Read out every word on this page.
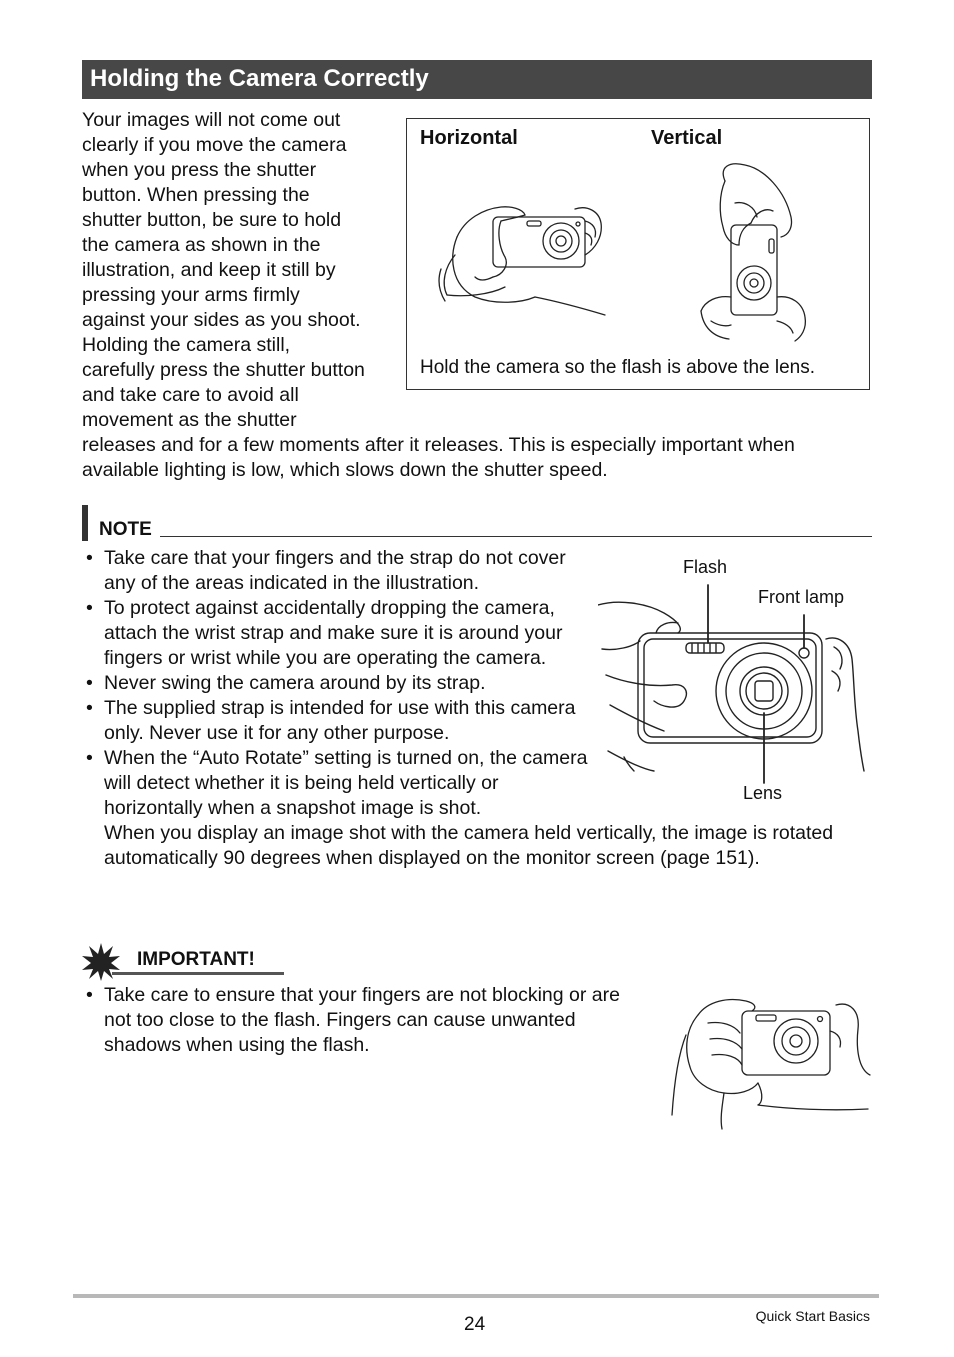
Holding the Camera Correctly
Your images will not come out
clearly if you move the camera
when you press the shutter
button. When pressing the
shutter button, be sure to hold
the camera as shown in the
illustration, and keep it still by
pressing your arms firmly
against your sides as you shoot.
Holding the camera still,
carefully press the shutter button
and take care to avoid all
movement as the shutter
releases and for a few moments after it releases. This is especially important when
available lighting is low, which slows down the shutter speed.
Horizontal	Vertical
Hold the camera so the flash is above the lens.
NOTE
• Take care that your fingers and the strap do not cover any of the areas indicated in the illustration.
• To protect against accidentally dropping the camera, attach the wrist strap and make sure it is around your fingers or wrist while you are operating the camera.
• Never swing the camera around by its strap.
• The supplied strap is intended for use with this camera only. Never use it for any other purpose.
• When the “Auto Rotate” setting is turned on, the camera will detect whether it is being held vertically or horizontally when a snapshot image is shot.
When you display an image shot with the camera held vertically, the image is rotated automatically 90 degrees when displayed on the monitor screen (page 151).
Flash
Front lamp
Lens
IMPORTANT!
• Take care to ensure that your fingers are not blocking or are not too close to the flash. Fingers can cause unwanted shadows when using the flash.
24	Quick Start Basics
